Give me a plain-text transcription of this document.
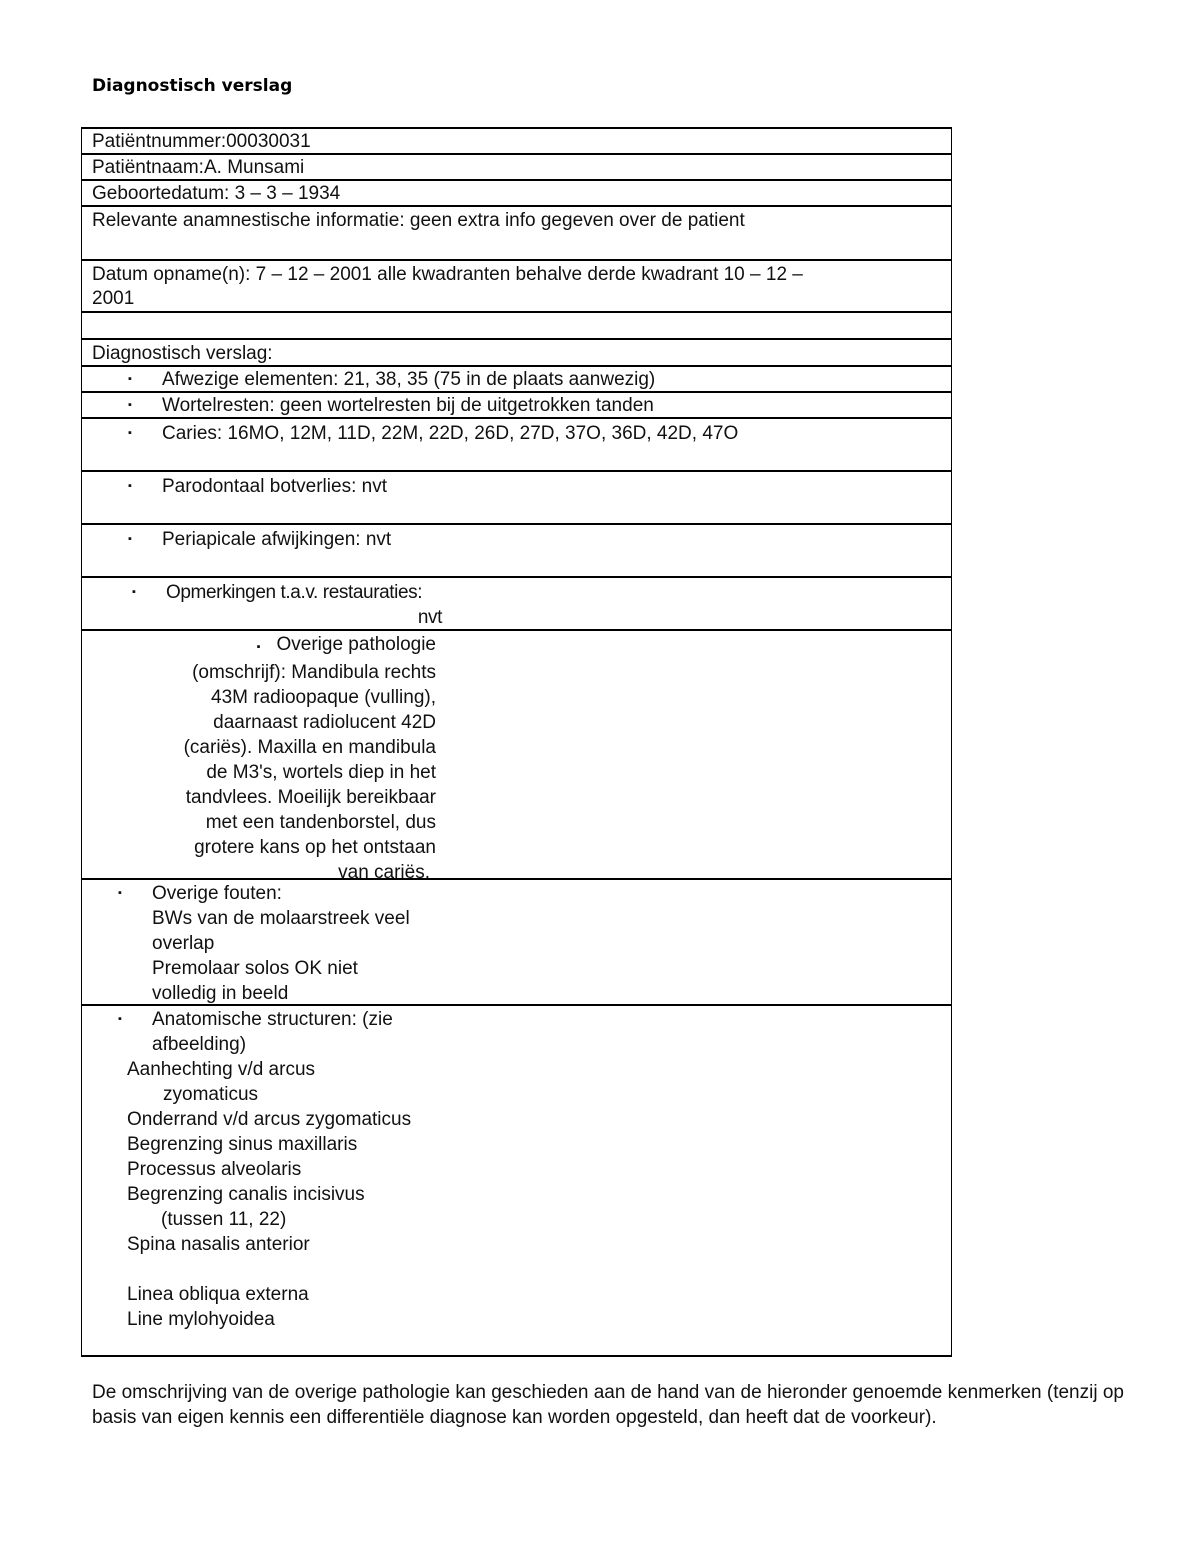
Diagnostisch verslag
Patiëntnummer:00030031
Patiëntnaam:A. Munsami
Geboortedatum: 3 – 3 – 1934
Relevante anamnestische informatie: geen extra info gegeven over de patient
Datum opname(n): 7 – 12 – 2001 alle kwadranten behalve derde kwadrant 10 – 12 –
2001
Diagnostisch verslag:
▪ Afwezige elementen: 21, 38, 35 (75 in de plaats aanwezig)
▪ Wortelresten: geen wortelresten bij de uitgetrokken tanden
▪ Caries: 16MO, 12M, 11D, 22M, 22D, 26D, 27D, 37O, 36D, 42D, 47O
▪ Parodontaal botverlies: nvt
▪ Periapicale afwijkingen: nvt
▪ Opmerkingen t.a.v. restauraties:
nvt
▪ Overige pathologie
(omschrijf): Mandibula rechts
43M radioopaque (vulling),
daarnaast radiolucent 42D
(cariës). Maxilla en mandibula
de M3's, wortels diep in het
tandvlees. Moeilijk bereikbaar
met een tandenborstel, dus
grotere kans op het ontstaan
van cariës.
▪ Overige fouten:
BWs van de molaarstreek veel
overlap
Premolaar solos OK niet
volledig in beeld
▪ Anatomische structuren: (zie
afbeelding)
Aanhechting v/d arcus
zyomaticus
Onderrand v/d arcus zygomaticus
Begrenzing sinus maxillaris
Processus alveolaris
Begrenzing canalis incisivus
(tussen 11, 22)
Spina nasalis anterior
Linea obliqua externa
Line mylohyoidea
De omschrijving van de overige pathologie kan geschieden aan de hand van de hieronder genoemde kenmerken (tenzij op basis van eigen kennis een differentiële diagnose kan worden opgesteld, dan heeft dat de voorkeur).
